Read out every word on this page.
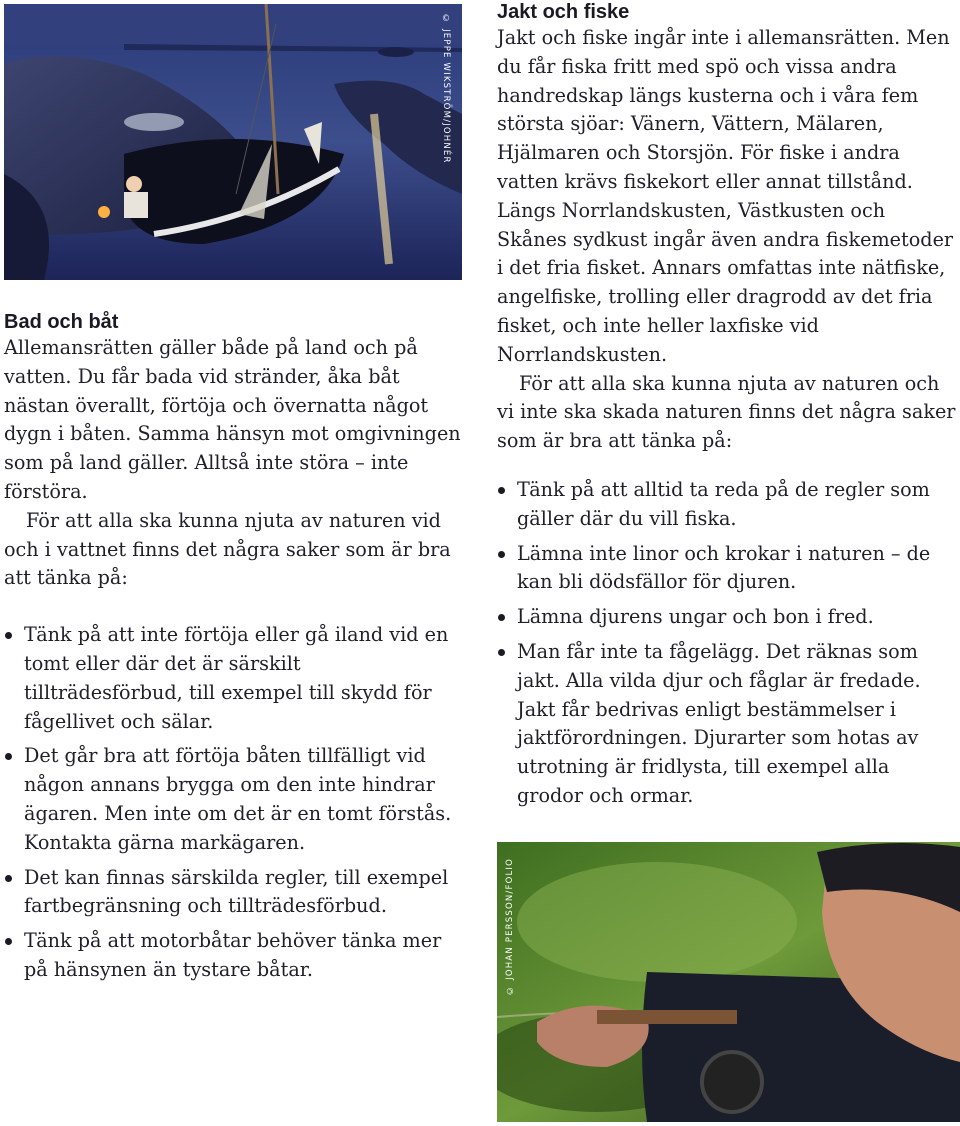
© JEPPE WIKSTRÖM/JOHNÉR
Bad och båt

Allemansrätten gäller både på land och på vatten. Du får bada vid stränder, åka båt nästan överallt, förtöja och övernatta något dygn i båten. Samma hänsyn mot omgivningen som på land gäller. Alltså inte störa – inte förstöra.

För att alla ska kunna njuta av naturen vid och i vattnet finns det några saker som är bra att tänka på:

Tänk på att inte förtöja eller gå iland vid en tomt eller där det är särskilt tillträdesförbud, till exempel till skydd för fågellivet och sälar.
Det går bra att förtöja båten tillfälligt vid någon annans brygga om den inte hindrar ägaren. Men inte om det är en tomt förstås. Kontakta gärna markägaren.
Det kan finnas särskilda regler, till exempel fartbegränsning och tillträdesförbud.
Tänk på att motorbåtar behöver tänka mer på hänsynen än tystare båtar.
Jakt och fiske

Jakt och fiske ingår inte i allemansrätten. Men du får fiska fritt med spö och vissa andra handredskap längs kusterna och i våra fem största sjöar: Vänern, Vättern, Mälaren, Hjälmaren och Storsjön. För fiske i andra vatten krävs fiskekort eller annat tillstånd. Längs Norrlandskusten, Västkusten och Skånes sydkust ingår även andra fiskemetoder i det fria fisket. Annars omfattas inte nätfiske, angelfiske, trolling eller dragrodd av det fria fisket, och inte heller laxfiske vid Norrlandskusten.

För att alla ska kunna njuta av naturen och vi inte ska skada naturen finns det några saker som är bra att tänka på:

Tänk på att alltid ta reda på de regler som gäller där du vill fiska.
Lämna inte linor och krokar i naturen – de kan bli dödsfällor för djuren.
Lämna djurens ungar och bon i fred.
Man får inte ta fågelägg. Det räknas som jakt. Alla vilda djur och fåglar är fredade. Jakt får bedrivas enligt bestämmelser i jaktförordningen. Djurarter som hotas av utrotning är fridlysta, till exempel alla grodor och ormar.
© JOHAN PERSSON/FOLIO
